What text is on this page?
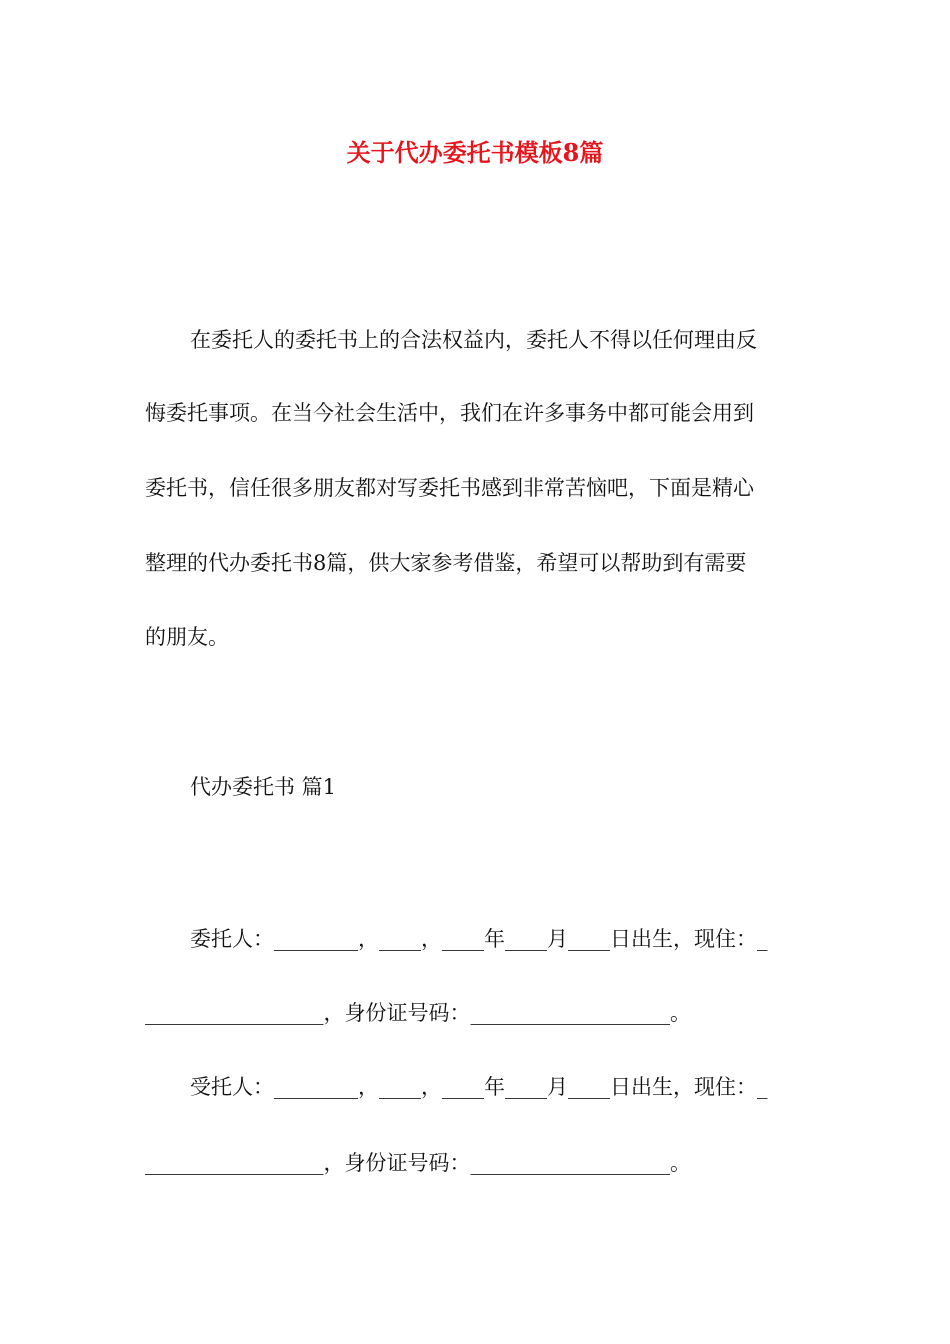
关于代办委托书模板8篇
在委托人的委托书上的合法权益内，委托人不得以任何理由反
悔委托事项。在当今社会生活中，我们在许多事务中都可能会用到
委托书，信任很多朋友都对写委托书感到非常苦恼吧，下面是精心
整理的代办委托书8篇，供大家参考借鉴，希望可以帮助到有需要
的朋友。
代办委托书 篇1
委托人：________，____，____年____月____日出生，现住：_
_________________，身份证号码：___________________。
受托人：________，____，____年____月____日出生，现住：_
_________________，身份证号码：___________________。
